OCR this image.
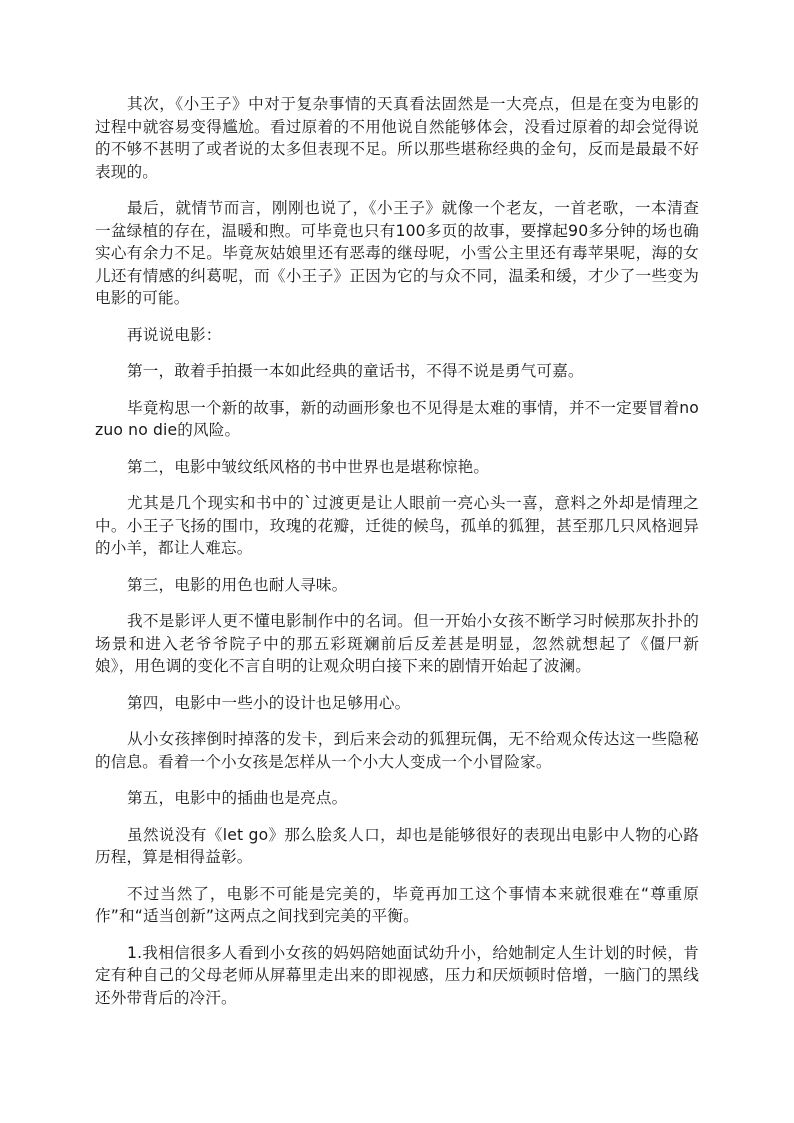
其次，《小王子》中对于复杂事情的天真看法固然是一大亮点，但是在变为电影的过程中就容易变得尴尬。看过原着的不用他说自然能够体会，没看过原着的却会觉得说的不够不甚明了或者说的太多但表现不足。所以那些堪称经典的金句，反而是最最不好表现的。

最后，就情节而言，刚刚也说了，《小王子》就像一个老友，一首老歌，一本清查一盆绿植的存在，温暖和煦。可毕竟也只有100多页的故事，要撑起90多分钟的场也确实心有余力不足。毕竟灰姑娘里还有恶毒的继母呢，小雪公主里还有毒苹果呢，海的女儿还有情感的纠葛呢，而《小王子》正因为它的与众不同，温柔和缓，才少了一些变为电影的可能。

再说说电影：

第一，敢着手拍摄一本如此经典的童话书，不得不说是勇气可嘉。

毕竟构思一个新的故事，新的动画形象也不见得是太难的事情，并不一定要冒着no zuo no die的风险。

第二，电影中皱纹纸风格的书中世界也是堪称惊艳。

尤其是几个现实和书中的`过渡更是让人眼前一亮心头一喜，意料之外却是情理之中。小王子飞扬的围巾，玫瑰的花瓣，迁徙的候鸟，孤单的狐狸，甚至那几只风格迥异的小羊，都让人难忘。

第三，电影的用色也耐人寻味。

我不是影评人更不懂电影制作中的名词。但一开始小女孩不断学习时候那灰扑扑的场景和进入老爷爷院子中的那五彩斑斓前后反差甚是明显，忽然就想起了《僵尸新娘》，用色调的变化不言自明的让观众明白接下来的剧情开始起了波澜。

第四，电影中一些小的设计也足够用心。

从小女孩摔倒时掉落的发卡，到后来会动的狐狸玩偶，无不给观众传达这一些隐秘的信息。看着一个小女孩是怎样从一个小大人变成一个小冒险家。

第五，电影中的插曲也是亮点。

虽然说没有《let go》那么脍炙人口，却也是能够很好的表现出电影中人物的心路历程，算是相得益彰。

不过当然了，电影不可能是完美的，毕竟再加工这个事情本来就很难在“尊重原作”和“适当创新”这两点之间找到完美的平衡。

1.我相信很多人看到小女孩的妈妈陪她面试幼升小，给她制定人生计划的时候，肯定有种自己的父母老师从屏幕里走出来的即视感，压力和厌烦顿时倍增，一脑门的黑线还外带背后的冷汗。
